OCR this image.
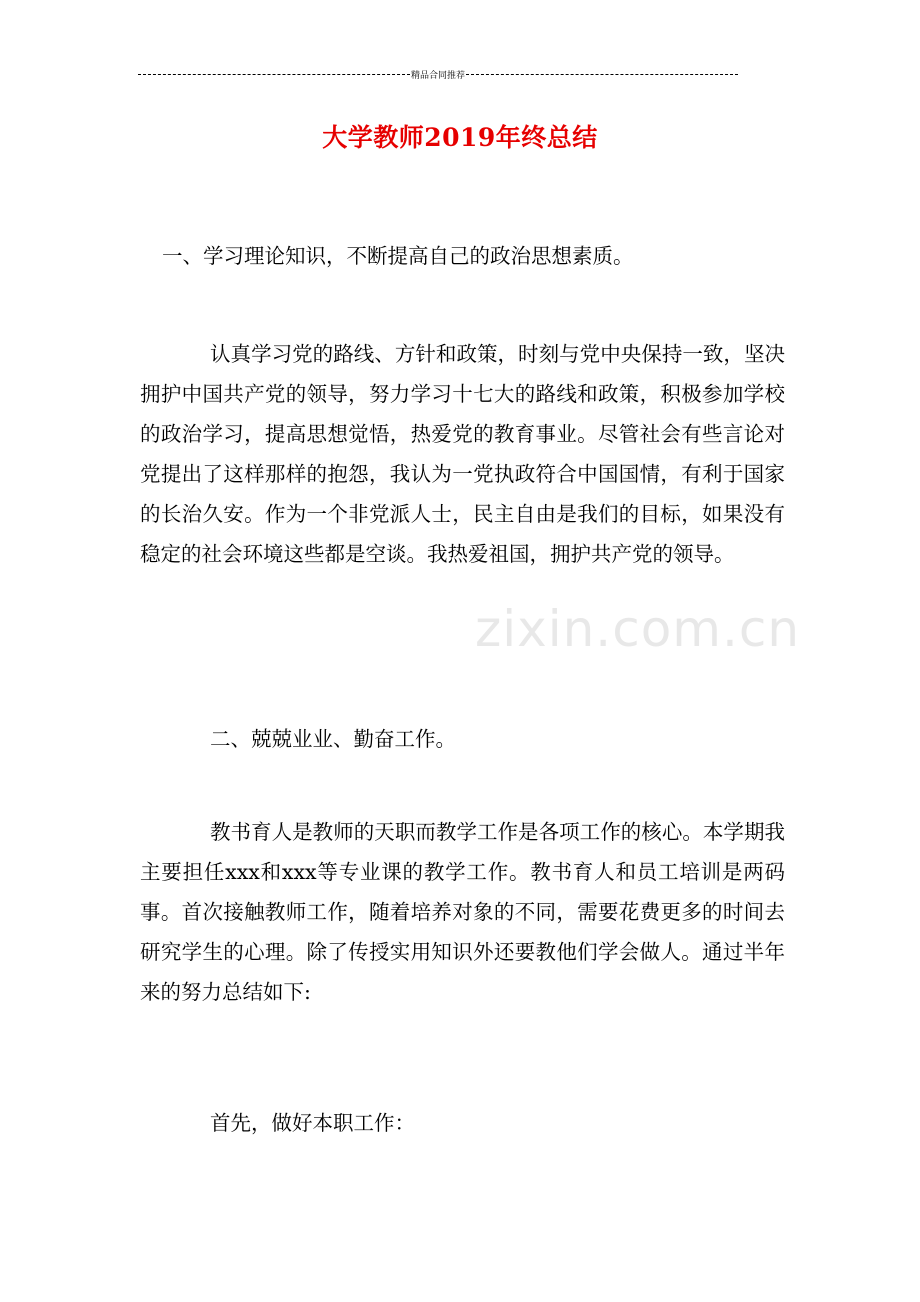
精品合同推荐
大学教师2019年终总结
一、学习理论知识，不断提高自己的政治思想素质。
认真学习党的路线、方针和政策，时刻与党中央保持一致，坚决拥护中国共产党的领导，努力学习十七大的路线和政策，积极参加学校的政治学习，提高思想觉悟，热爱党的教育事业。尽管社会有些言论对党提出了这样那样的抱怨，我认为一党执政符合中国国情，有利于国家的长治久安。作为一个非党派人士，民主自由是我们的目标，如果没有稳定的社会环境这些都是空谈。我热爱祖国，拥护共产党的领导。
二、兢兢业业、勤奋工作。
教书育人是教师的天职而教学工作是各项工作的核心。本学期我主要担任xxx和xxx等专业课的教学工作。教书育人和员工培训是两码事。首次接触教师工作，随着培养对象的不同，需要花费更多的时间去研究学生的心理。除了传授实用知识外还要教他们学会做人。通过半年来的努力总结如下:
首先，做好本职工作：
zixin.com.cn
